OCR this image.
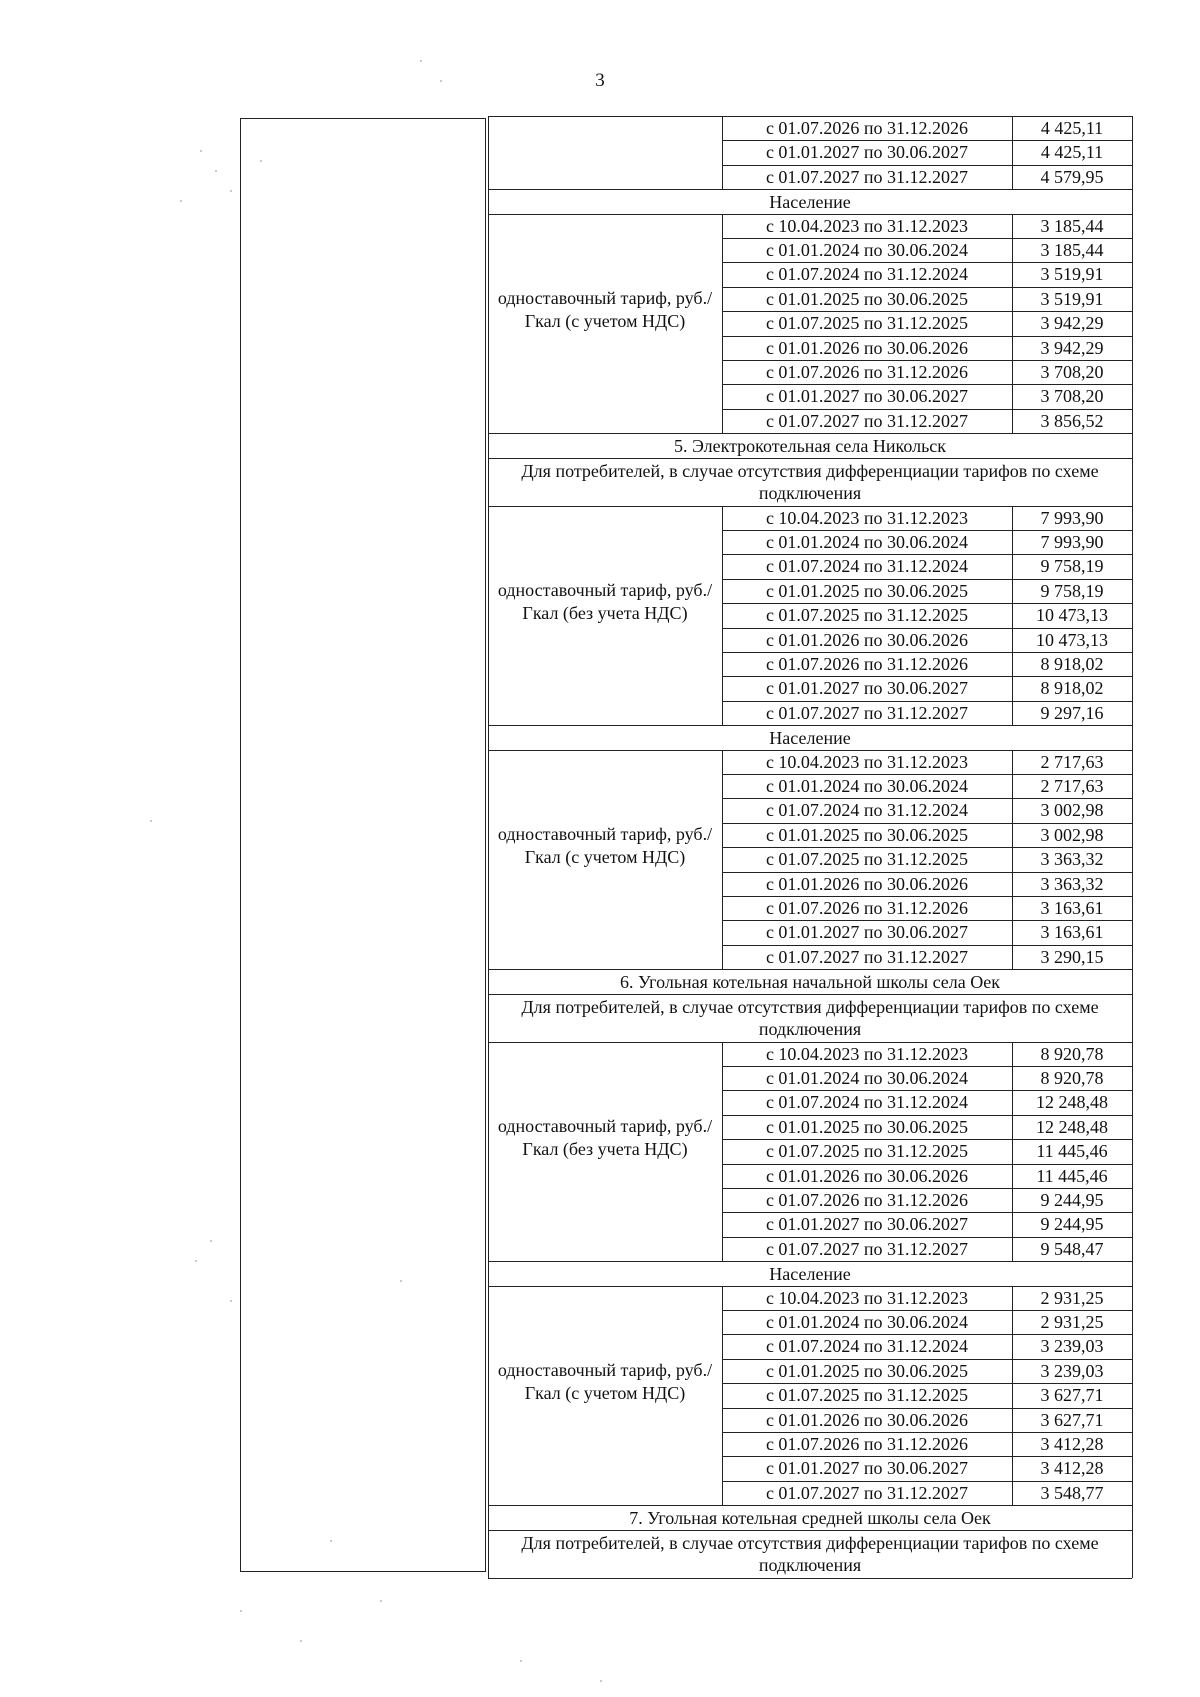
3
с 01.07.2026 по 31.12.2026	4 425,11
с 01.01.2027 по 30.06.2027	4 425,11
с 01.07.2027 по 31.12.2027	4 579,95
Население
одноставочный тариф, руб./Гкал (с учетом НДС)
с 10.04.2023 по 31.12.2023	3 185,44
с 01.01.2024 по 30.06.2024	3 185,44
с 01.07.2024 по 31.12.2024	3 519,91
с 01.01.2025 по 30.06.2025	3 519,91
с 01.07.2025 по 31.12.2025	3 942,29
с 01.01.2026 по 30.06.2026	3 942,29
с 01.07.2026 по 31.12.2026	3 708,20
с 01.01.2027 по 30.06.2027	3 708,20
с 01.07.2027 по 31.12.2027	3 856,52
5. Электрокотельная села Никольск
Для потребителей, в случае отсутствия дифференциации тарифов по схеме подключения
одноставочный тариф, руб./Гкал (без учета НДС)
с 10.04.2023 по 31.12.2023	7 993,90
с 01.01.2024 по 30.06.2024	7 993,90
с 01.07.2024 по 31.12.2024	9 758,19
с 01.01.2025 по 30.06.2025	9 758,19
с 01.07.2025 по 31.12.2025	10 473,13
с 01.01.2026 по 30.06.2026	10 473,13
с 01.07.2026 по 31.12.2026	8 918,02
с 01.01.2027 по 30.06.2027	8 918,02
с 01.07.2027 по 31.12.2027	9 297,16
Население
одноставочный тариф, руб./Гкал (с учетом НДС)
с 10.04.2023 по 31.12.2023	2 717,63
с 01.01.2024 по 30.06.2024	2 717,63
с 01.07.2024 по 31.12.2024	3 002,98
с 01.01.2025 по 30.06.2025	3 002,98
с 01.07.2025 по 31.12.2025	3 363,32
с 01.01.2026 по 30.06.2026	3 363,32
с 01.07.2026 по 31.12.2026	3 163,61
с 01.01.2027 по 30.06.2027	3 163,61
с 01.07.2027 по 31.12.2027	3 290,15
6. Угольная котельная начальной школы села Оек
Для потребителей, в случае отсутствия дифференциации тарифов по схеме подключения
одноставочный тариф, руб./Гкал (без учета НДС)
с 10.04.2023 по 31.12.2023	8 920,78
с 01.01.2024 по 30.06.2024	8 920,78
с 01.07.2024 по 31.12.2024	12 248,48
с 01.01.2025 по 30.06.2025	12 248,48
с 01.07.2025 по 31.12.2025	11 445,46
с 01.01.2026 по 30.06.2026	11 445,46
с 01.07.2026 по 31.12.2026	9 244,95
с 01.01.2027 по 30.06.2027	9 244,95
с 01.07.2027 по 31.12.2027	9 548,47
Население
одноставочный тариф, руб./Гкал (с учетом НДС)
с 10.04.2023 по 31.12.2023	2 931,25
с 01.01.2024 по 30.06.2024	2 931,25
с 01.07.2024 по 31.12.2024	3 239,03
с 01.01.2025 по 30.06.2025	3 239,03
с 01.07.2025 по 31.12.2025	3 627,71
с 01.01.2026 по 30.06.2026	3 627,71
с 01.07.2026 по 31.12.2026	3 412,28
с 01.01.2027 по 30.06.2027	3 412,28
с 01.07.2027 по 31.12.2027	3 548,77
7. Угольная котельная средней школы села Оек
Для потребителей, в случае отсутствия дифференциации тарифов по схеме подключения
